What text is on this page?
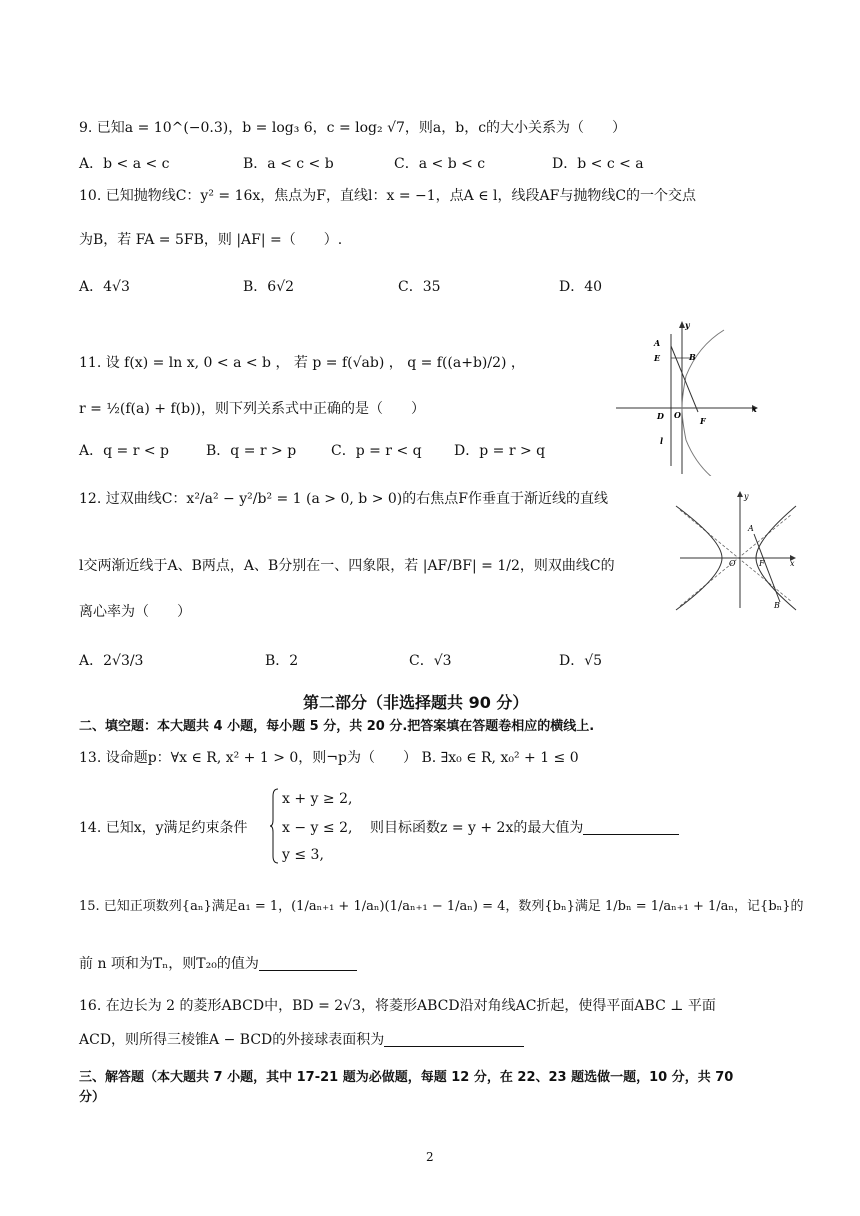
9. 已知a = 10^(−0.3)，b = log₃ 6，c = log₂ √7，则a，b，c的大小关系为（　　）
A．b < a < c	B．a < c < b	C．a < b < c	D．b < c < a
10. 已知抛物线C：y² = 16x，焦点为F，直线l：x = −1，点A ∈ l，线段AF与抛物线C的一个交点
为B，若 FA = 5FB，则 |AF| =（　　）.
A．4√3	B．6√2	C．35	D．40
11. 设 f(x) = ln x, 0 < a < b ， 若 p = f(√ab) ， q = f((a+b)/2) ，
r = ½(f(a) + f(b))，则下列关系式中正确的是（　　）
A．q = r < p	B．q = r > p C．p = r < q D．p = r > q
A
E	B
D O
F
l
y
x
12. 过双曲线C：x²/a² − y²/b² = 1 (a > 0, b > 0)的右焦点F作垂直于渐近线的直线
l交两渐近线于A、B两点，A、B分别在一、四象限，若 |AF/BF| = 1/2，则双曲线C的
离心率为（　　）
A．2√3/3	B．2	C．√3	D．√5
A
O	F
B
y
x
第二部分（非选择题共 90 分）
二、填空题：本大题共 4 小题，每小题 5 分，共 20 分.把答案填在答题卷相应的横线上.
13. 设命题p：∀x ∈ R, x² + 1 > 0，则¬p为（　　） B. ∃x₀ ∈ R, x₀² + 1 ≤ 0
14. 已知x，y满足约束条件
x + y ≥ 2,
x − y ≤ 2,
y ≤ 3,
则目标函数z = y + 2x的最大值为
15. 已知正项数列{aₙ}满足a₁ = 1，(1/aₙ₊₁ + 1/aₙ)(1/aₙ₊₁ − 1/aₙ) = 4，数列{bₙ}满足 1/bₙ = 1/aₙ₊₁ + 1/aₙ，记{bₙ}的
前 n 项和为Tₙ，则T₂₀的值为
16. 在边长为 2 的菱形ABCD中，BD = 2√3，将菱形ABCD沿对角线AC折起，使得平面ABC ⊥ 平面
ACD，则所得三棱锥A − BCD的外接球表面积为
三、解答题（本大题共 7 小题，其中 17-21 题为必做题，每题 12 分，在 22、23 题选做一题，10 分，共 70
分）
2
